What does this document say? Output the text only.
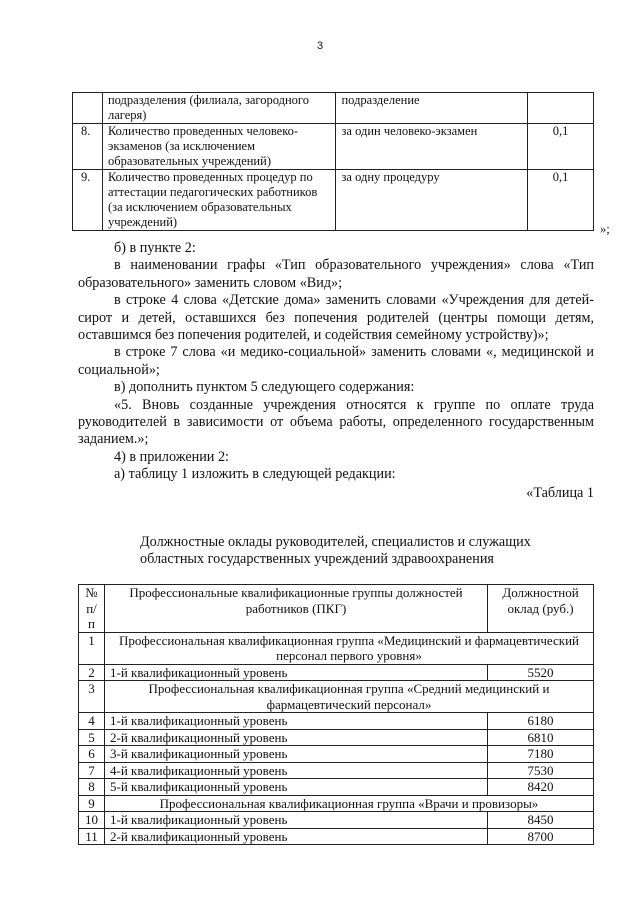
3
	подразделения (филиала, загородного лагеря)	подразделение	
8.	Количество проведенных человеко-экзаменов (за исключением образовательных учреждений)	за один человеко-экзамен	0,1
9.	Количество проведенных процедур по аттестации педагогических работников (за исключением образовательных учреждений)	за одну процедуру	0,1
»;

б) в пункте 2:

в наименовании графы «Тип образовательного учреждения» слова «Тип образовательного» заменить словом «Вид»;

в строке 4 слова «Детские дома» заменить словами «Учреждения для детей-сирот и детей, оставшихся без попечения родителей (центры помощи детям, оставшимся без попечения родителей, и содействия семейному устройству)»;

в строке 7 слова «и медико-социальной» заменить словами «, медицинской и социальной»;

в) дополнить пунктом 5 следующего содержания:

«5. Вновь созданные учреждения относятся к группе по оплате труда руководителей в зависимости от объема работы, определенного государственным заданием.»;

4) в приложении 2:

а) таблицу 1 изложить в следующей редакции:

«Таблица 1

Должностные оклады руководителей, специалистов и служащих областных государственных учреждений здравоохранения
№ п/п	Профессиональные квалификационные группы должностей работников (ПКГ)	Должностной оклад (руб.)
1	Профессиональная квалификационная группа «Медицинский и фармацевтический персонал первого уровня»	
2	1-й квалификационный уровень	5520
3	Профессиональная квалификационная группа «Средний медицинский и фармацевтический персонал»	
4	1-й квалификационный уровень	6180
5	2-й квалификационный уровень	6810
6	3-й квалификационный уровень	7180
7	4-й квалификационный уровень	7530
8	5-й квалификационный уровень	8420
9	Профессиональная квалификационная группа «Врачи и провизоры»	
10	1-й квалификационный уровень	8450
11	2-й квалификационный уровень	8700
